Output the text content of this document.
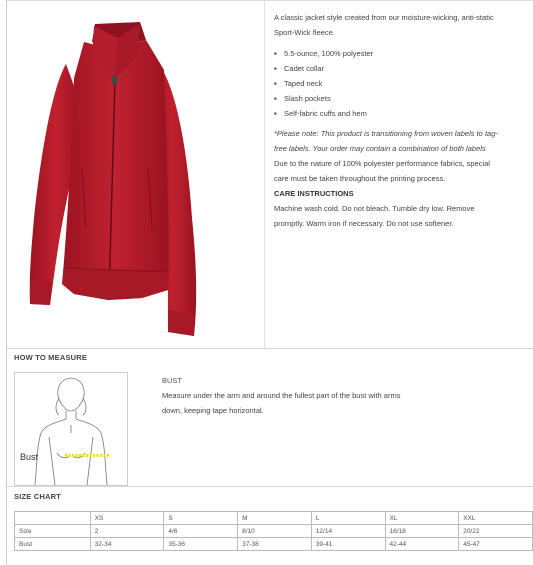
A classic jacket style created from our moisture-wicking, anti-static Sport-Wick fleece.

■ 5.5-ounce, 100% polyester
■ Cadet collar
■ Taped neck
■ Slash pockets
■ Self-fabric cuffs and hem

*Please note: This product is transitioning from woven labels to tag-free labels. Your order may contain a combination of both labels

Due to the nature of 100% polyester performance fabrics, special care must be taken throughout the printing process.

CARE INSTRUCTIONS

Machine wash cold. Do not bleach. Tumble dry low. Remove promptly. Warm iron if necessary. Do not use softener.

HOW TO MEASURE
Bust
BUST
Measure under the arm and around the fullest part of the bust with arms down, keeping tape horizontal.
SIZE CHART
	XS	S	M	L	XL	XXL
Size	2	4/6	8/10	12/14	16/18	20/22
Bust	32-34	35-36	37-38	39-41	42-44	45-47
